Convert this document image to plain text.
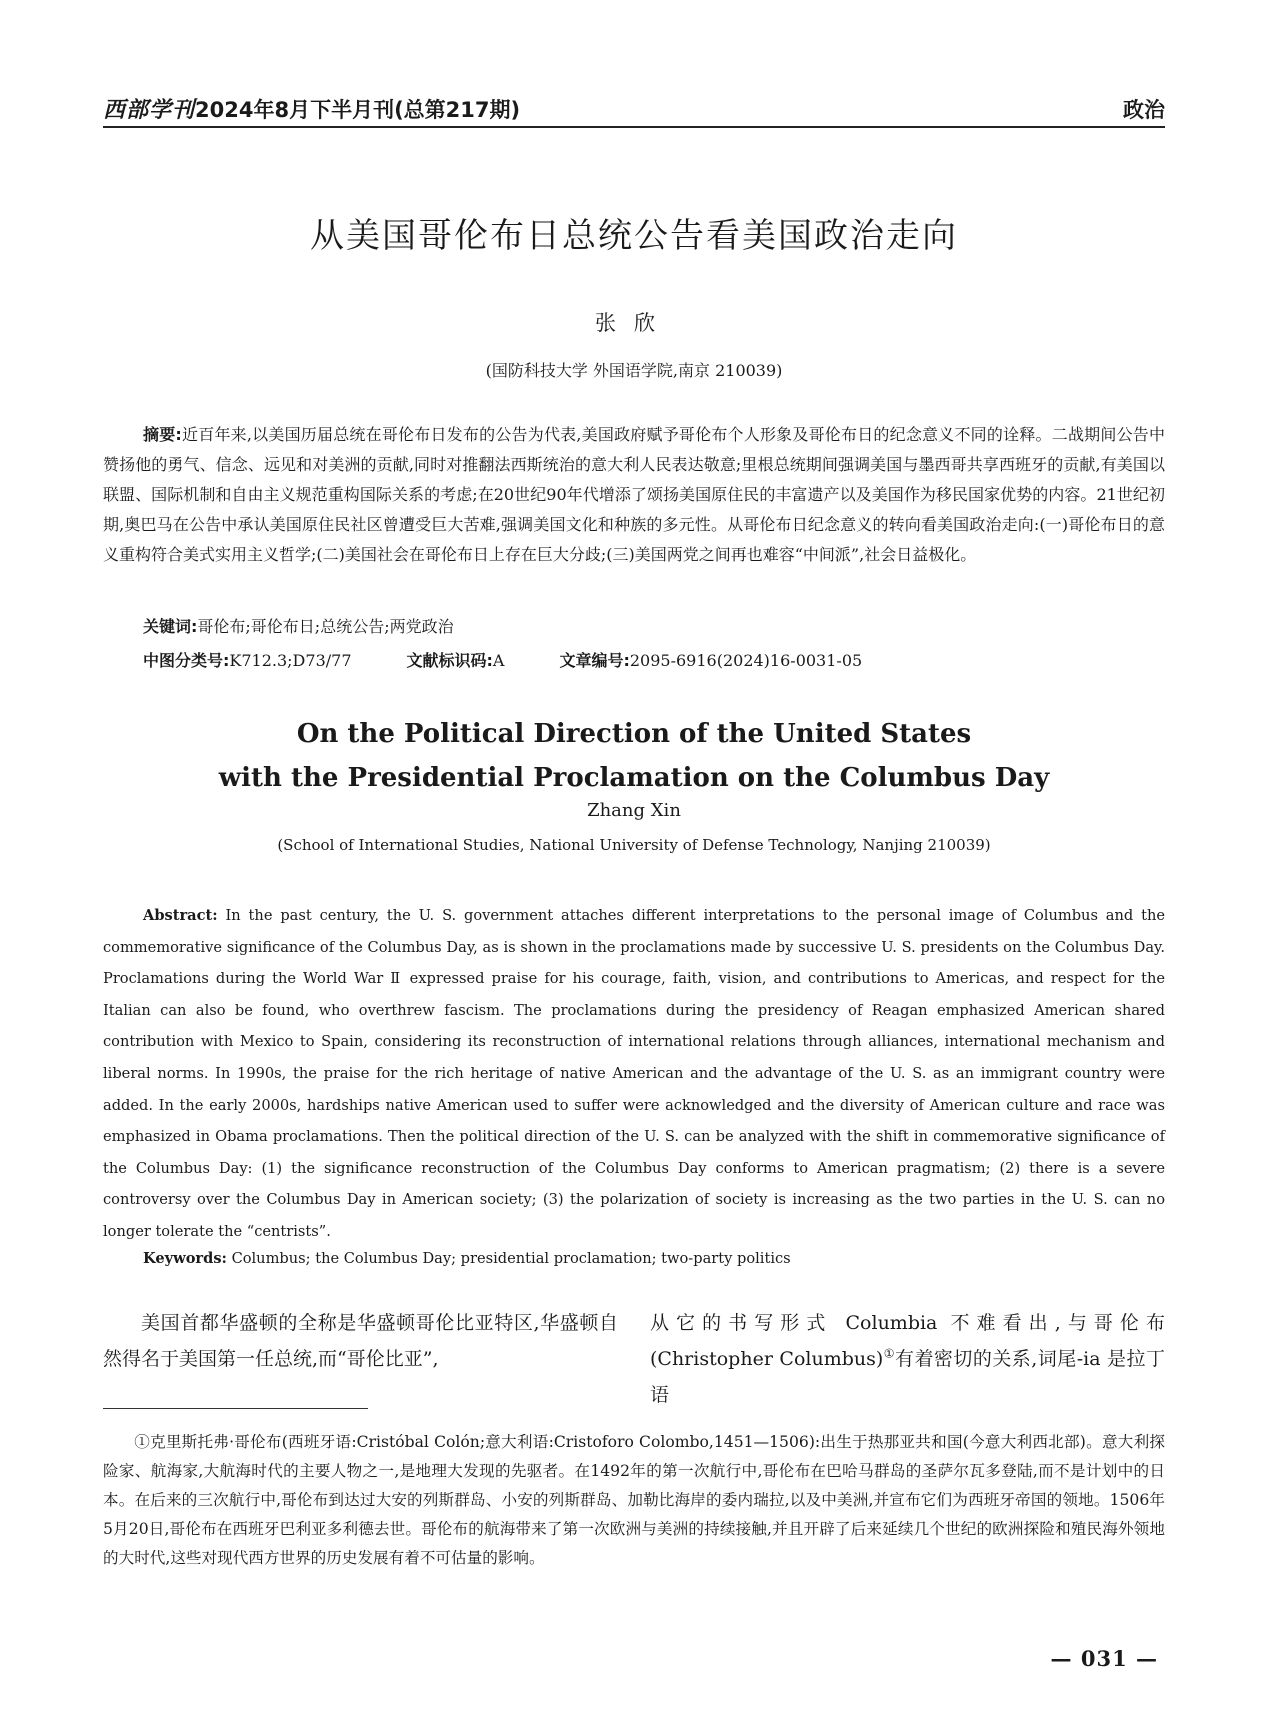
西部学刊2024年8月下半月刊(总第217期)	政治
从美国哥伦布日总统公告看美国政治走向
张欣
(国防科技大学 外国语学院,南京 210039)

摘要:近百年来,以美国历届总统在哥伦布日发布的公告为代表,美国政府赋予哥伦布个人形象及哥伦布日的纪念意义不同的诠释。二战期间公告中赞扬他的勇气、信念、远见和对美洲的贡献,同时对推翻法西斯统治的意大利人民表达敬意;里根总统期间强调美国与墨西哥共享西班牙的贡献,有美国以联盟、国际机制和自由主义规范重构国际关系的考虑;在20世纪90年代增添了颂扬美国原住民的丰富遗产以及美国作为移民国家优势的内容。21世纪初期,奥巴马在公告中承认美国原住民社区曾遭受巨大苦难,强调美国文化和种族的多元性。从哥伦布日纪念意义的转向看美国政治走向:(一)哥伦布日的意义重构符合美式实用主义哲学;(二)美国社会在哥伦布日上存在巨大分歧;(三)美国两党之间再也难容“中间派”,社会日益极化。

关键词:哥伦布;哥伦布日;总统公告;两党政治

中图分类号:K712.3;D73/77	文献标识码:A	文章编号:2095-6916(2024)16-0031-05
On the Political Direction of the United States
with the Presidential Proclamation on the Columbus Day
Zhang Xin
(School of International Studies, National University of Defense Technology, Nanjing 210039)

Abstract: In the past century, the U. S. government attaches different interpretations to the personal image of Columbus and the commemorative significance of the Columbus Day, as is shown in the proclamations made by successive U. S. presidents on the Columbus Day. Proclamations during the World War Ⅱ expressed praise for his courage, faith, vision, and contributions to Americas, and respect for the Italian can also be found, who overthrew fascism. The proclamations during the presidency of Reagan emphasized American shared contribution with Mexico to Spain, considering its reconstruction of international relations through alliances, international mechanism and liberal norms. In 1990s, the praise for the rich heritage of native American and the advantage of the U. S. as an immigrant country were added. In the early 2000s, hardships native American used to suffer were acknowledged and the diversity of American culture and race was emphasized in Obama proclamations. Then the political direction of the U. S. can be analyzed with the shift in commemorative significance of the Columbus Day: (1) the significance reconstruction of the Columbus Day conforms to American pragmatism; (2) there is a severe controversy over the Columbus Day in American society; (3) the polarization of society is increasing as the two parties in the U. S. can no longer tolerate the “centrists”.

Keywords: Columbus; the Columbus Day; presidential proclamation; two-party politics

美国首都华盛顿的全称是华盛顿哥伦比亚特区,华盛顿自然得名于美国第一任总统,而“哥伦比亚”,

从它的书写形式 Columbia 不难看出,与哥伦布(Christopher Columbus)①有着密切的关系,词尾-ia 是拉丁语

①克里斯托弗·哥伦布(西班牙语:Cristóbal Colón;意大利语:Cristoforo Colombo,1451—1506):出生于热那亚共和国(今意大利西北部)。意大利探险家、航海家,大航海时代的主要人物之一,是地理大发现的先驱者。在1492年的第一次航行中,哥伦布在巴哈马群岛的圣萨尔瓦多登陆,而不是计划中的日本。在后来的三次航行中,哥伦布到达过大安的列斯群岛、小安的列斯群岛、加勒比海岸的委内瑞拉,以及中美洲,并宣布它们为西班牙帝国的领地。1506年5月20日,哥伦布在西班牙巴利亚多利德去世。哥伦布的航海带来了第一次欧洲与美洲的持续接触,并且开辟了后来延续几个世纪的欧洲探险和殖民海外领地的大时代,这些对现代西方世界的历史发展有着不可估量的影响。

— 031 —
